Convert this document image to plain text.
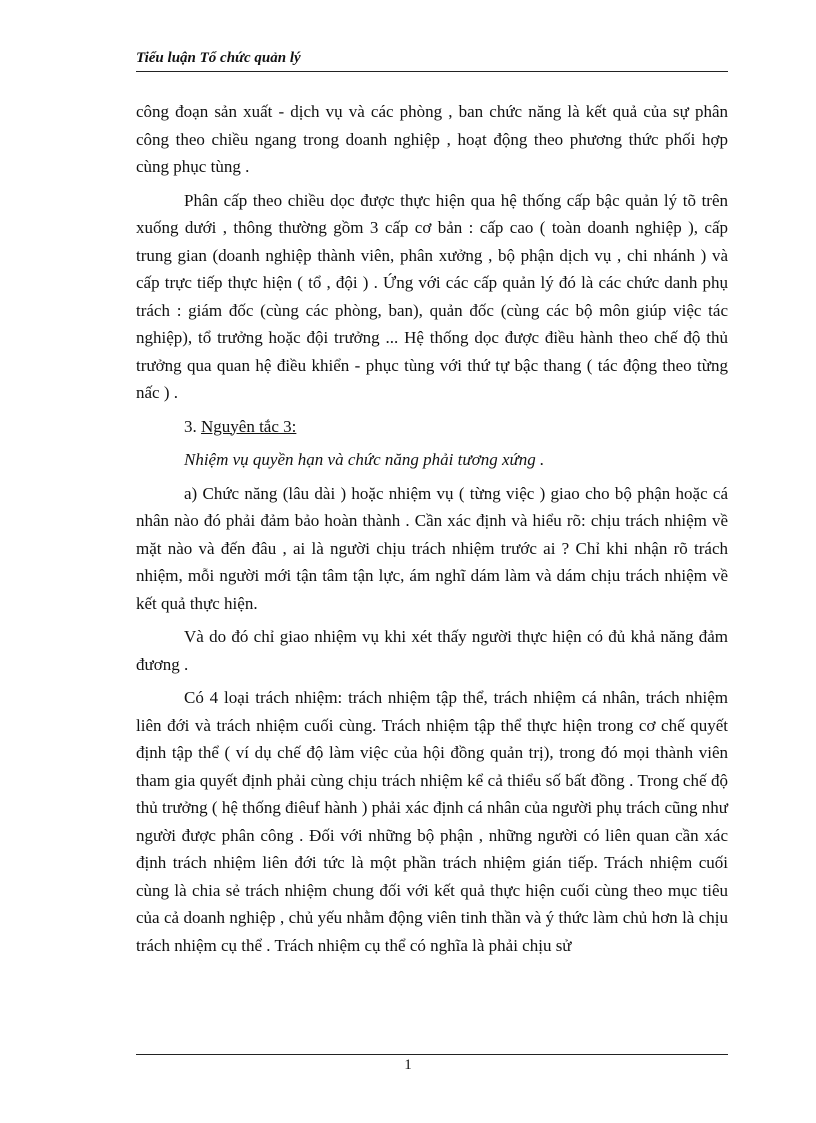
Tiểu luận Tổ chức quản lý

công đoạn sản xuất - dịch vụ và các phòng , ban chức năng là kết quả của sự phân công theo chiều ngang trong doanh nghiệp , hoạt động theo phương thức phối hợp cùng phục tùng .

Phân cấp theo chiều dọc được thực hiện qua hệ thống cấp bậc quản lý tõ trên xuống dưới , thông thường gồm 3 cấp cơ bản : cấp cao ( toàn doanh nghiệp ), cấp trung gian (doanh nghiệp thành viên, phân xưởng , bộ phận dịch vụ , chi nhánh ) và cấp trực tiếp thực hiện ( tổ , đội ) . Ứng với các cấp quản lý đó là các chức danh phụ trách : giám đốc (cùng các phòng, ban), quản đốc (cùng các bộ môn giúp việc tác nghiệp), tổ trưởng hoặc đội trưởng ... Hệ thống dọc được điều hành theo chế độ thủ trưởng qua quan hệ điều khiển - phục tùng với thứ tự bậc thang ( tác động theo từng nấc ) .

3. Nguyên tắc 3:

Nhiệm vụ quyền hạn và chức năng phải tương xứng .

a) Chức năng (lâu dài ) hoặc nhiệm vụ ( từng việc ) giao cho bộ phận hoặc cá nhân nào đó phải đảm bảo hoàn thành . Cần xác định và hiểu rõ: chịu trách nhiệm về mặt nào và đến đâu , ai là người chịu trách nhiệm trước ai ? Chỉ khi nhận rõ trách nhiệm, mỗi người mới tận tâm tận lực, ám nghĩ dám làm và dám chịu trách nhiệm về kết quả thực hiện.

Và do đó chỉ giao nhiệm vụ khi xét thấy người thực hiện có đủ khả năng đảm đương .

Có 4 loại trách nhiệm: trách nhiệm tập thể, trách nhiệm cá nhân, trách nhiệm liên đới và trách nhiệm cuối cùng. Trách nhiệm tập thể thực hiện trong cơ chế quyết định tập thể ( ví dụ chế độ làm việc của hội đồng quản trị), trong đó mọi thành viên tham gia quyết định phải cùng chịu trách nhiệm kể cả thiểu số bất đồng . Trong chế độ thủ trưởng ( hệ thống điêuf hành ) phải xác định cá nhân của người phụ trách cũng như người được phân công . Đối với những bộ phận , những người có liên quan cần xác định trách nhiệm liên đới tức là một phần trách nhiệm gián tiếp. Trách nhiệm cuối cùng là chia sẻ trách nhiệm chung đối với kết quả thực hiện cuối cùng theo mục tiêu của cả doanh nghiệp , chủ yếu nhằm động viên tinh thần và ý thức làm chủ hơn là chịu trách nhiệm cụ thể . Trách nhiệm cụ thể có nghĩa là phải chịu sử

1
